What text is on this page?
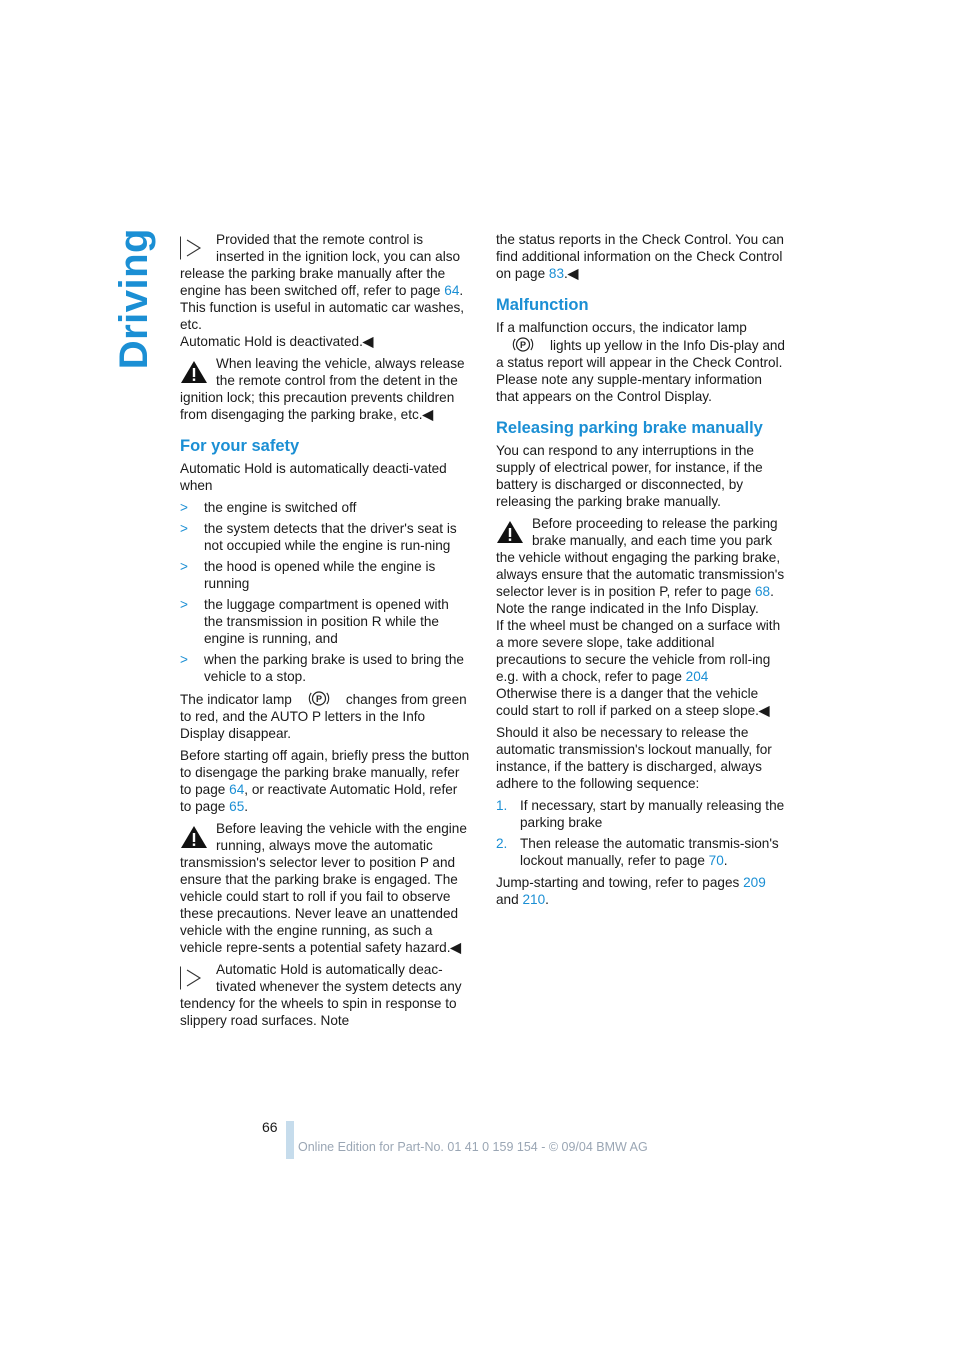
Driving	Provided that the remote control is inserted in the ignition lock, you can also release the parking brake manually after the engine has been switched off, refer to page 64. This function is useful in automatic car washes, etc.
Automatic Hold is deactivated.◀
When leaving the vehicle, always release the remote control from the detent in the ignition lock; this precaution prevents children from disengaging the parking brake, etc.◀
For your safety

Automatic Hold is automatically deacti-vated when

> the engine is switched off
> the system detects that the driver's seat is not occupied while the engine is run-ning
> the hood is opened while the engine is running
> the luggage compartment is opened with the transmission in position R while the engine is running, and
> when the parking brake is used to bring the vehicle to a stop.

The indicator lamp	changes from green to red, and the AUTO P letters in the Info Display disappear.

Before starting off again, briefly press the button to disengage the parking brake manually, refer to page 64, or reactivate Automatic Hold, refer to page 65.

Before leaving the vehicle with the engine running, always move the automatic transmission's selector lever to position P and ensure that the parking brake is engaged. The vehicle could start to roll if you fail to observe these precautions. Never leave an unattended vehicle with the engine running, as such a vehicle repre-sents a potential safety hazard.◀
Automatic Hold is automatically deac-tivated whenever the system detects any tendency for the wheels to spin in response to slippery road surfaces. Note

the status reports in the Check Control. You can find additional information on the Check Control on page 83.◀

Malfunction

If a malfunction occurs, the indicator lamplights up yellow in the Info Dis-play and a status report will appear in the Check Control. Please note any supple-mentary information that appears on the Control Display.

Releasing parking brake manually

You can respond to any interruptions in the supply of electrical power, for instance, if the battery is discharged or disconnected, by releasing the parking brake manually.

Before proceeding to release the parking brake manually, and each time you park the vehicle without engaging the parking brake, always ensure that the automatic transmission's selector lever is in position P, refer to page 68. Note the range indicated in the Info Display.
If the wheel must be changed on a surface with a more severe slope, take additional precautions to secure the vehicle from roll-ing e.g. with a chock, refer to page 204
Otherwise there is a danger that the vehicle could start to roll if parked on a steep slope.◀

Should it also be necessary to release the automatic transmission's lockout manually, for instance, if the battery is discharged, always adhere to the following sequence:

1. If necessary, start by manually releasing the parking brake
2. Then release the automatic transmis-sion's lockout manually, refer to page 70.

Jump-starting and towing, refer to pages 209 and 210.

66
Online Edition for Part-No. 01 41 0 159 154 - © 09/04 BMW AG
